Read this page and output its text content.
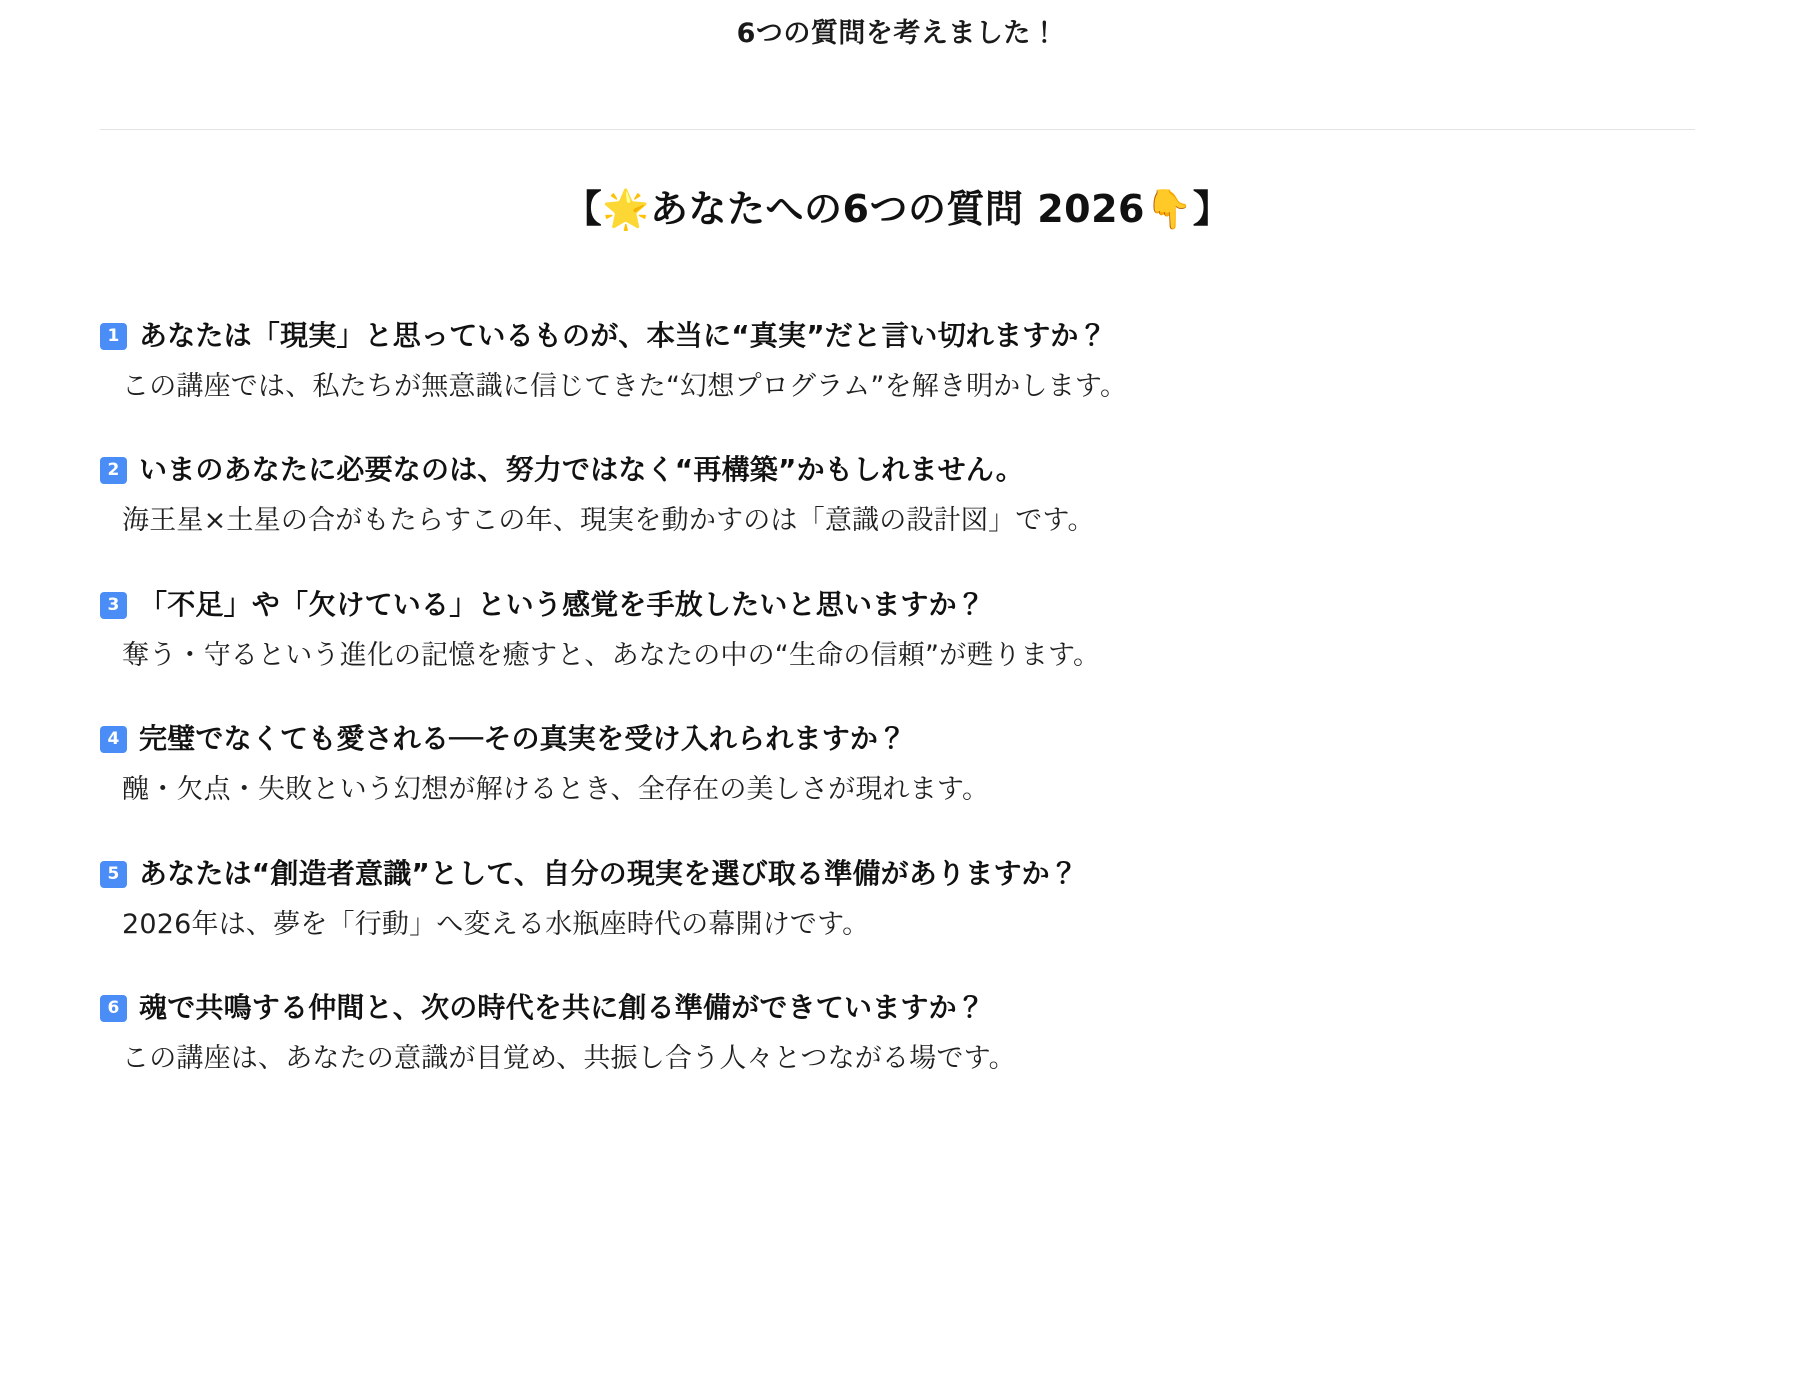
6つの質問を考えました！
【🌟あなたへの6つの質問 2026👇】
1 あなたは「現実」と思っているものが、本当に“真実”だと言い切れますか？
この講座では、私たちが無意識に信じてきた“幻想プログラム”を解き明かします。
2 いまのあなたに必要なのは、努力ではなく“再構築”かもしれません。
海王星×土星の合がもたらすこの年、現実を動かすのは「意識の設計図」です。
3 「不足」や「欠けている」という感覚を手放したいと思いますか？
奪う・守るという進化の記憶を癒すと、あなたの中の“生命の信頼”が甦ります。
4 完璧でなくても愛される──その真実を受け入れられますか？
醜・欠点・失敗という幻想が解けるとき、全存在の美しさが現れます。
5 あなたは“創造者意識”として、自分の現実を選び取る準備がありますか？
2026年は、夢を「行動」へ変える水瓶座時代の幕開けです。
6 魂で共鳴する仲間と、次の時代を共に創る準備ができていますか？
この講座は、あなたの意識が目覚め、共振し合う人々とつながる場です。
